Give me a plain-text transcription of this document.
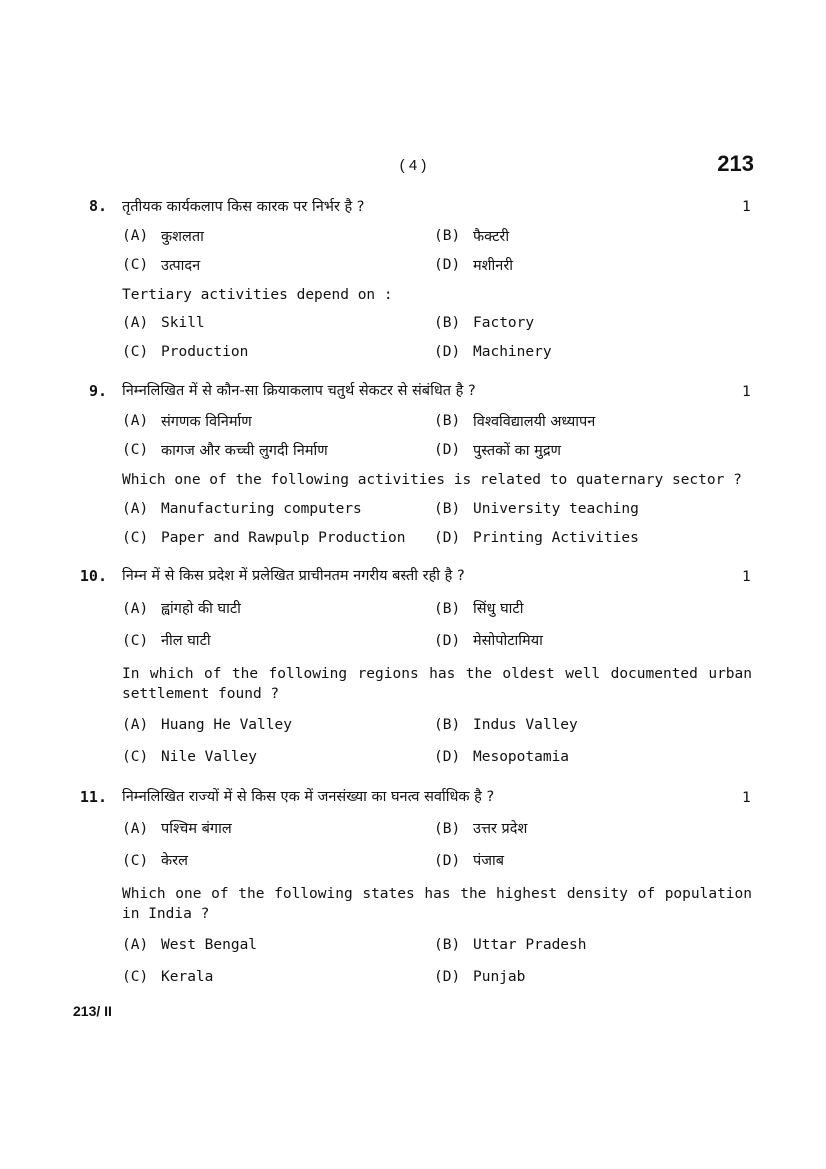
( 4 )	213
8. तृतीयक कार्यकलाप किस कारक पर निर्भर है ?	1
(A) कुशलता	(B) फैक्टरी
(C) उत्पादन	(D) मशीनरी
Tertiary activities depend on :
(A) Skill	(B) Factory
(C) Production	(D) Machinery
9. निम्नलिखित में से कौन-सा क्रियाकलाप चतुर्थ सेकटर से संबंधित है ?	1
(A) संगणक विनिर्माण	(B) विश्वविद्यालयी अध्यापन
(C) कागज और कच्ची लुगदी निर्माण	(D) पुस्तकों का मुद्रण
Which one of the following activities is related to quaternary sector ?
(A) Manufacturing computers	(B) University teaching
(C) Paper and Rawpulp Production (D) Printing Activities
10. निम्न में से किस प्रदेश में प्रलेखित प्राचीनतम नगरीय बस्ती रही है ?	1
(A) ह्वांगहो की घाटी	(B) सिंधु घाटी
(C) नील घाटी	(D) मेसोपोटामिया
In which of the following regions has the oldest well documented urban settlement found ?
(A) Huang He Valley	(B) Indus Valley
(C) Nile Valley	(D) Mesopotamia
11. निम्नलिखित राज्यों में से किस एक में जनसंख्या का घनत्व सर्वाधिक है ?	1
(A) पश्चिम बंगाल	(B) उत्तर प्रदेश
(C) केरल	(D) पंजाब
Which one of the following states has the highest density of population in India ?
(A) West Bengal	(B) Uttar Pradesh
(C) Kerala	(D) Punjab
213/ II
